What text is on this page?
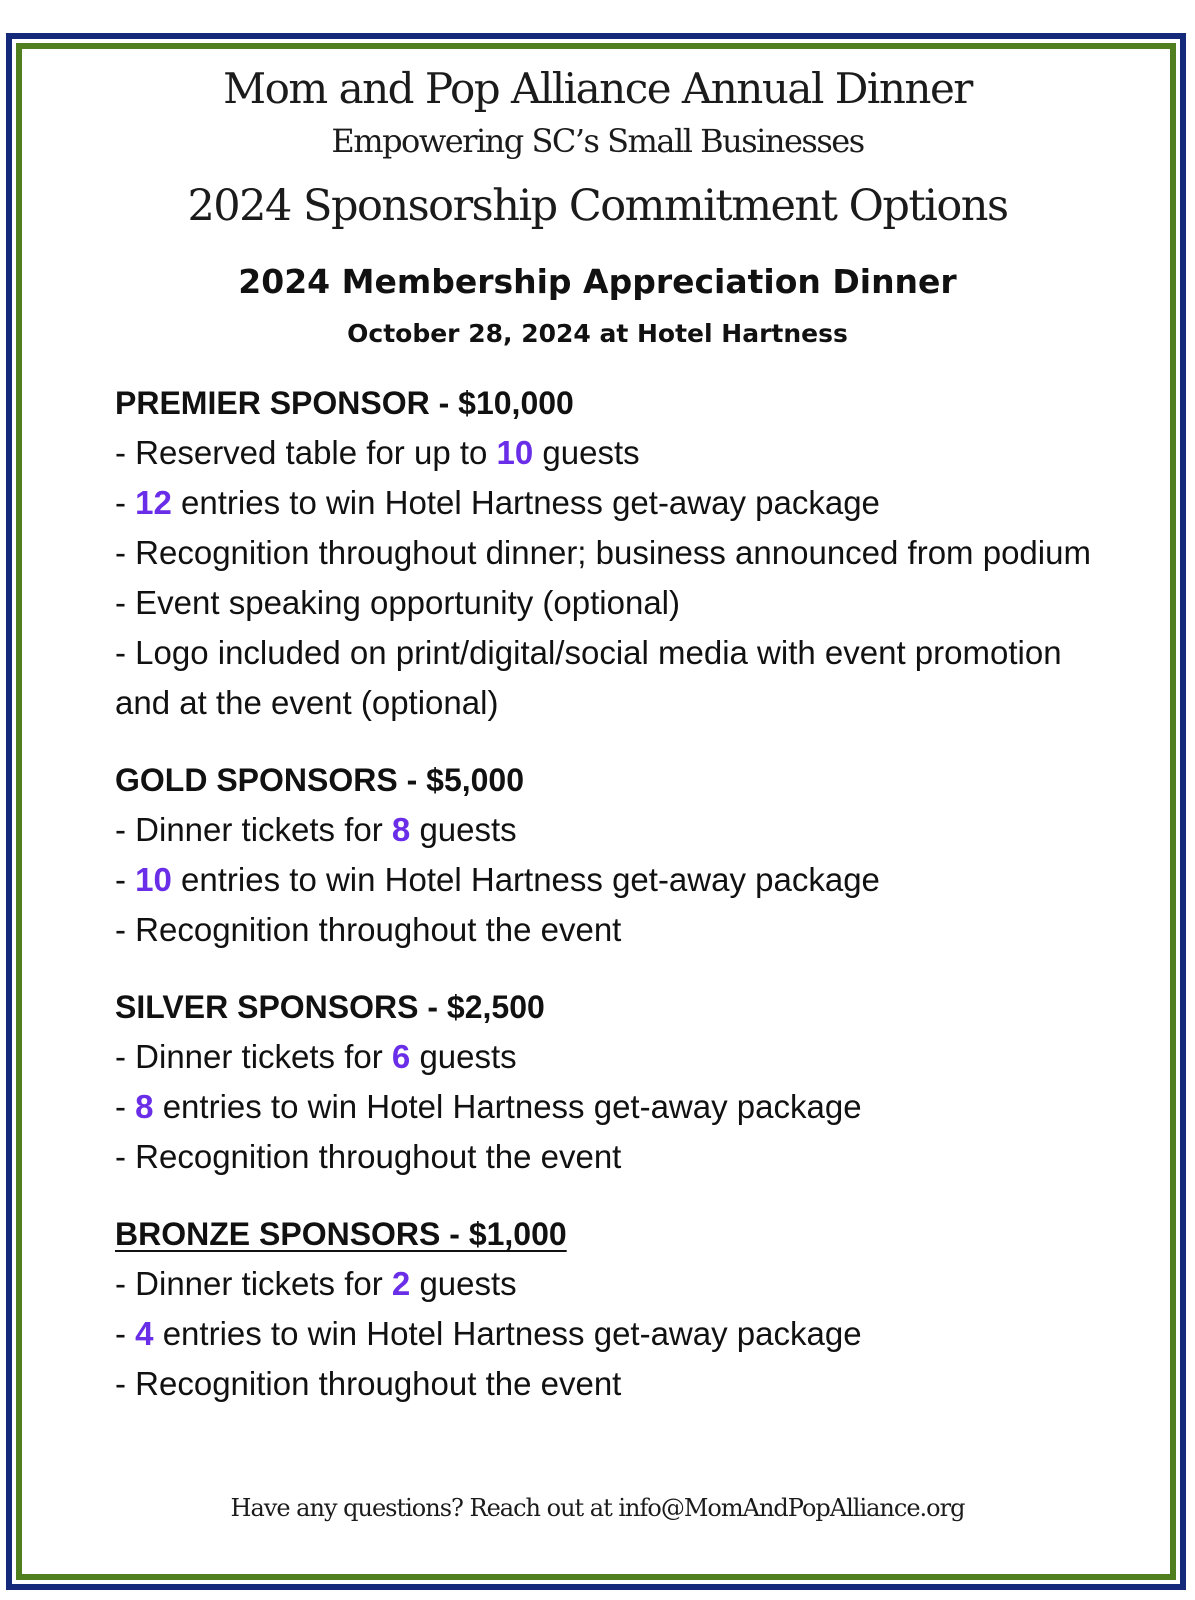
Mom and Pop Alliance Annual Dinner
Empowering SC’s Small Businesses
2024 Sponsorship Commitment Options
2024 Membership Appreciation Dinner
October 28, 2024 at Hotel Hartness
PREMIER SPONSOR - $10,000
- Reserved table for up to 10 guests
- 12 entries to win Hotel Hartness get-away package
- Recognition throughout dinner; business announced from podium
- Event speaking opportunity (optional)
- Logo included on print/digital/social media with event promotion and at the event (optional)
GOLD SPONSORS - $5,000
- Dinner tickets for 8 guests
- 10 entries to win Hotel Hartness get-away package
- Recognition throughout the event
SILVER SPONSORS - $2,500
- Dinner tickets for 6 guests
- 8 entries to win Hotel Hartness get-away package
- Recognition throughout the event
BRONZE SPONSORS - $1,000
- Dinner tickets for 2 guests
- 4 entries to win Hotel Hartness get-away package
- Recognition throughout the event
Have any questions? Reach out at info@MomAndPopAlliance.org
